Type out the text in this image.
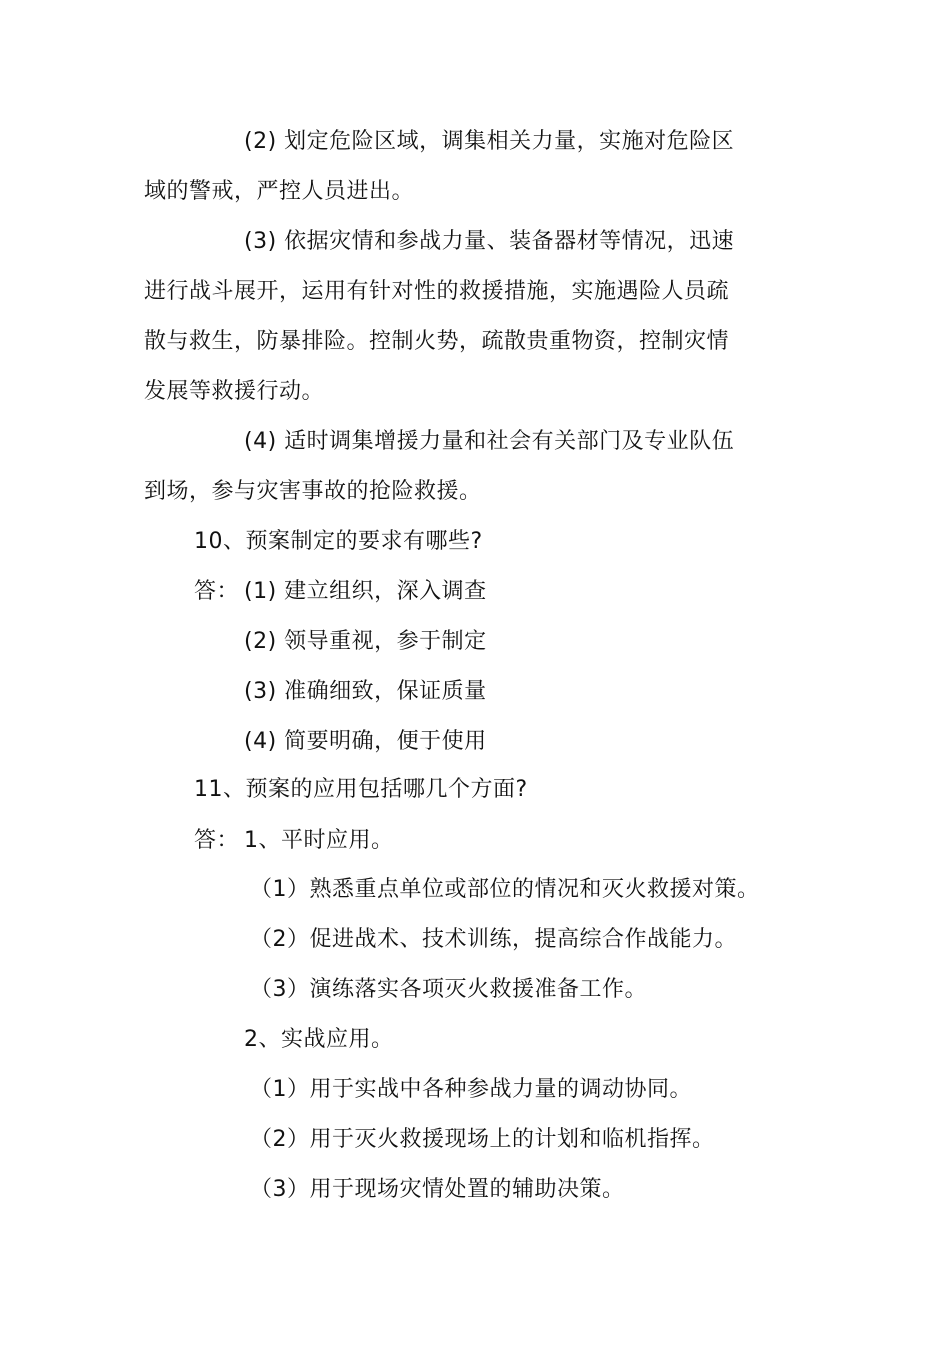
(2) 划定危险区域，调集相关力量，实施对危险区
域的警戒，严控人员进出。
(3) 依据灾情和参战力量、装备器材等情况，迅速
进行战斗展开，运用有针对性的救援措施，实施遇险人员疏
散与救生，防暴排险。控制火势，疏散贵重物资，控制灾情
发展等救援行动。
(4) 适时调集增援力量和社会有关部门及专业队伍
到场，参与灾害事故的抢险救援。
10、预案制定的要求有哪些?
答： (1) 建立组织，深入调查
(2) 领导重视，参于制定
(3) 准确细致，保证质量
(4) 简要明确，便于使用
11、预案的应用包括哪几个方面?
答： 1、平时应用。
（1）熟悉重点单位或部位的情况和灭火救援对策。
（2）促进战术、技术训练，提高综合作战能力。
（3）演练落实各项灭火救援准备工作。
2、实战应用。
（1）用于实战中各种参战力量的调动协同。
（2）用于灭火救援现场上的计划和临机指挥。
（3）用于现场灾情处置的辅助决策。
